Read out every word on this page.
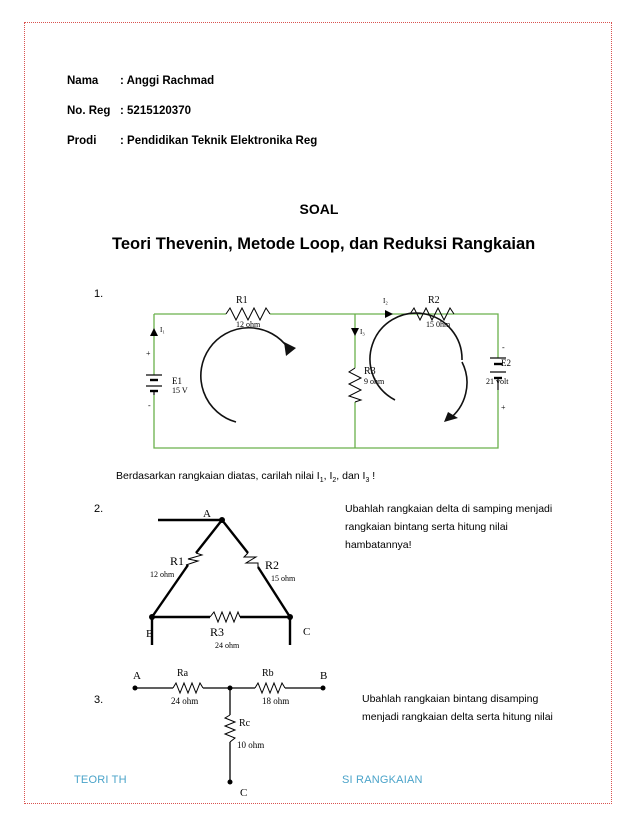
Nama : Anggi Rachmad
No. Reg : 5215120370
Prodi : Pendidikan Teknik Elektronika Reg
SOAL
Teori Thevenin, Metode Loop, dan Reduksi Rangkaian
1.
R1
12 ohm
R2
15 0hm
R3
9 ohm
E1
15 V
+
-
E2
21 volt
-
+
I₁
I₂
I₃
Berdasarkan rangkaian diatas, carilah nilai $I_1$, $I_2$, dan $I_3$ !
2.	Ubahlah rangkaian delta di samping menjadi rangkaian bintang serta hitung nilai hambatannya!
A
B	C
R1
12 ohm
R2
15 ohm
R3
24 ohm
3.	Ubahlah rangkaian bintang disamping menjadi rangkaian delta serta hitung nilai
A	B
C
Ra
24 ohm
Rb
18 ohm
Rc
10 ohm
TEORI TH	SI RANGKAIAN
